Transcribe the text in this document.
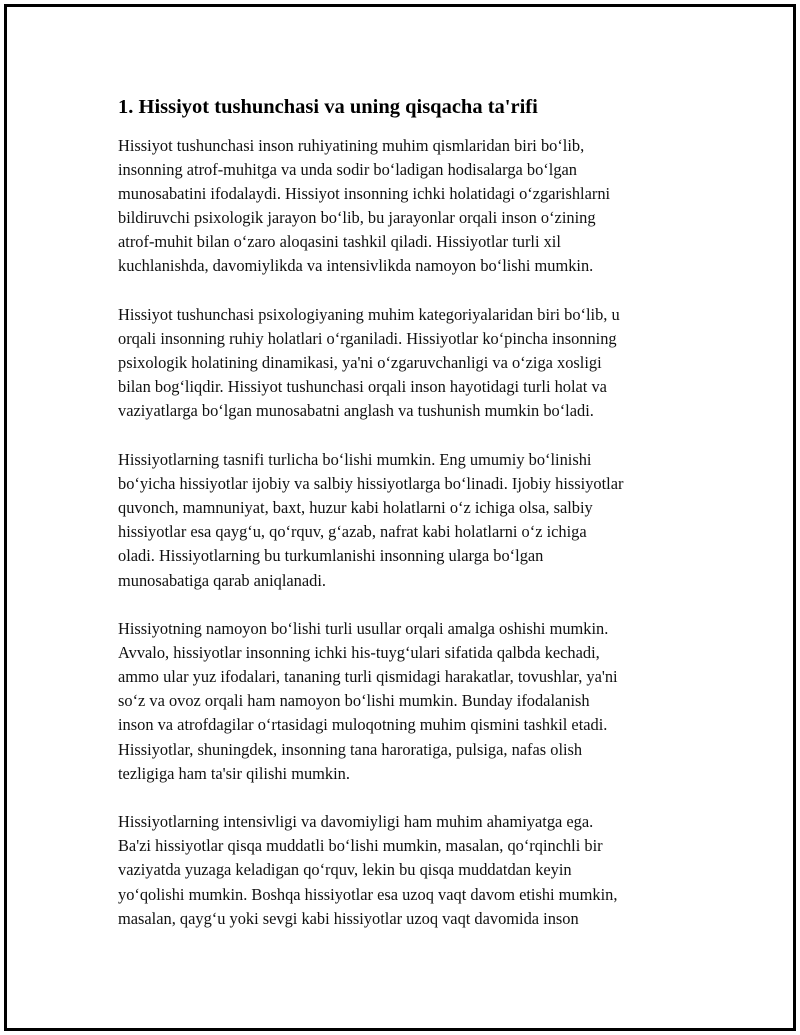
1. Hissiyot tushunchasi va uning qisqacha ta'rifi

Hissiyot tushunchasi inson ruhiyatining muhim qismlaridan biri bo‘lib,
insonning atrof-muhitga va unda sodir bo‘ladigan hodisalarga bo‘lgan
munosabatini ifodalaydi. Hissiyot insonning ichki holatidagi o‘zgarishlarni
bildiruvchi psixologik jarayon bo‘lib, bu jarayonlar orqali inson o‘zining
atrof-muhit bilan o‘zaro aloqasini tashkil qiladi. Hissiyotlar turli xil
kuchlanishda, davomiylikda va intensivlikda namoyon bo‘lishi mumkin.

Hissiyot tushunchasi psixologiyaning muhim kategoriyalaridan biri bo‘lib, u
orqali insonning ruhiy holatlari o‘rganiladi. Hissiyotlar ko‘pincha insonning
psixologik holatining dinamikasi, ya'ni o‘zgaruvchanligi va o‘ziga xosligi
bilan bog‘liqdir. Hissiyot tushunchasi orqali inson hayotidagi turli holat va
vaziyatlarga bo‘lgan munosabatni anglash va tushunish mumkin bo‘ladi.

Hissiyotlarning tasnifi turlicha bo‘lishi mumkin. Eng umumiy bo‘linishi
bo‘yicha hissiyotlar ijobiy va salbiy hissiyotlarga bo‘linadi. Ijobiy hissiyotlar
quvonch, mamnuniyat, baxt, huzur kabi holatlarni o‘z ichiga olsa, salbiy
hissiyotlar esa qayg‘u, qo‘rquv, g‘azab, nafrat kabi holatlarni o‘z ichiga
oladi. Hissiyotlarning bu turkumlanishi insonning ularga bo‘lgan
munosabatiga qarab aniqlanadi.

Hissiyotning namoyon bo‘lishi turli usullar orqali amalga oshishi mumkin.
Avvalo, hissiyotlar insonning ichki his-tuyg‘ulari sifatida qalbda kechadi,
ammo ular yuz ifodalari, tananing turli qismidagi harakatlar, tovushlar, ya'ni
so‘z va ovoz orqali ham namoyon bo‘lishi mumkin. Bunday ifodalanish
inson va atrofdagilar o‘rtasidagi muloqotning muhim qismini tashkil etadi.
Hissiyotlar, shuningdek, insonning tana haroratiga, pulsiga, nafas olish
tezligiga ham ta'sir qilishi mumkin.

Hissiyotlarning intensivligi va davomiyligi ham muhim ahamiyatga ega.
Ba'zi hissiyotlar qisqa muddatli bo‘lishi mumkin, masalan, qo‘rqinchli bir
vaziyatda yuzaga keladigan qo‘rquv, lekin bu qisqa muddatdan keyin
yo‘qolishi mumkin. Boshqa hissiyotlar esa uzoq vaqt davom etishi mumkin,
masalan, qayg‘u yoki sevgi kabi hissiyotlar uzoq vaqt davomida inson
